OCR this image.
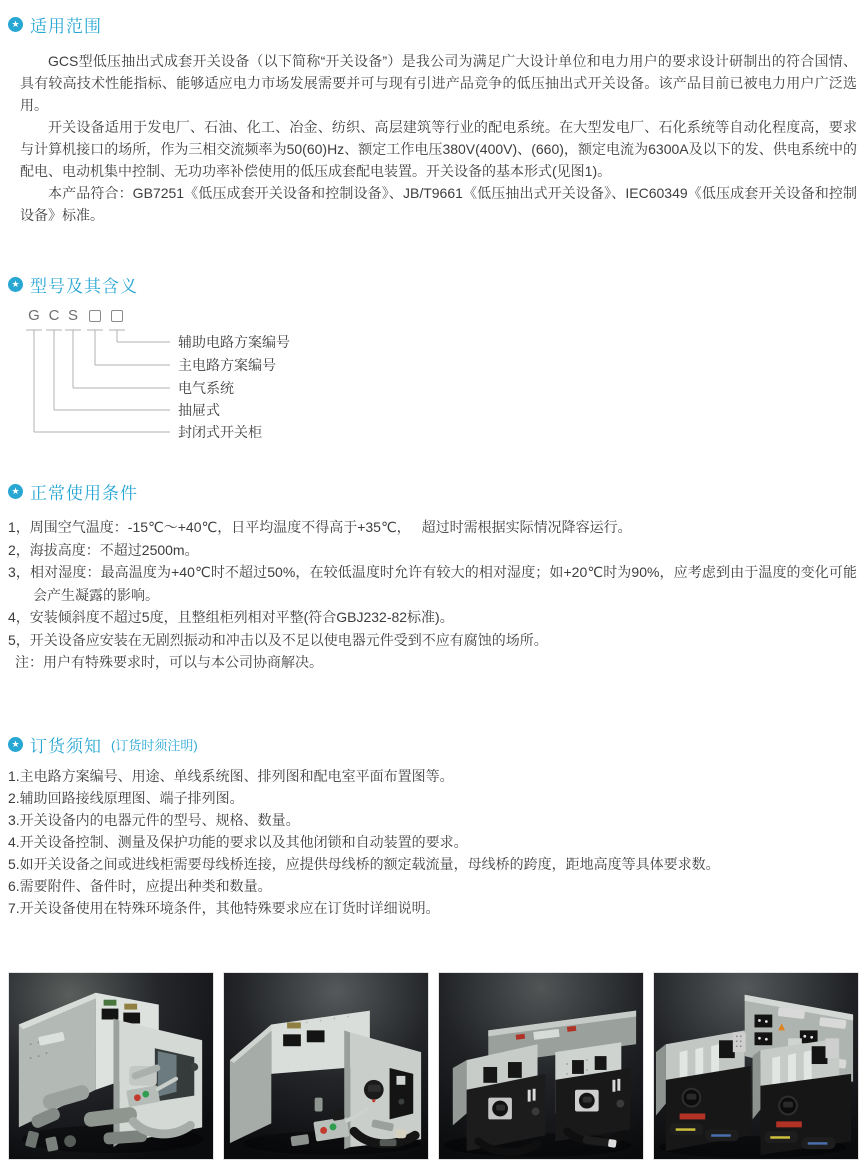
★ 适用范围

GCS型低压抽出式成套开关设备（以下简称“开关设备”）是我公司为满足广大设计单位和电力用户的要求设计研制出的符合国情、具有较高技术性能指标、能够适应电力市场发展需要并可与现有引进产品竞争的低压抽出式开关设备。该产品目前已被电力用户广泛选用。

开关设备适用于发电厂、石油、化工、冶金、纺织、高层建筑等行业的配电系统。在大型发电厂、石化系统等自动化程度高，要求与计算机接口的场所，作为三相交流频率为50(60)Hz、额定工作电压380V(400V)、(660)，额定电流为6300A及以下的发、供电系统中的配电、电动机集中控制、无功功率补偿使用的低压成套配电装置。开关设备的基本形式(见图1)。

本产品符合：GB7251《低压成套开关设备和控制设备》、JB/T9661《低压抽出式开关设备》、IEC60349《低压成套开关设备和控制设备》标准。

★ 型号及其含义
G C S
辅助电路方案编号
主电路方案编号
电气系统
抽屉式
封闭式开关柜
★ 正常使用条件
1，周围空气温度：-15℃～+40℃，日平均温度不得高于+35℃，　 超过时需根据实际情况降容运行。
2，海拔高度：不超过2500m。
3，相对湿度：最高温度为+40℃时不超过50%，在较低温度时允许有较大的相对湿度；如+20℃时为90%，应考虑到由于温度的变化可能会产生凝露的影响。
4，安装倾斜度不超过5度，且整组柜列相对平整(符合GBJ232-82标准)。
5，开关设备应安装在无剧烈振动和冲击以及不足以使电器元件受到不应有腐蚀的场所。
注：用户有特殊要求时，可以与本公司协商解决。
★ 订货须知 (订货时须注明)
1.主电路方案编号、用途、单线系统图、排列图和配电室平面布置图等。
2.辅助回路接线原理图、端子排列图。
3.开关设备内的电器元件的型号、规格、数量。
4.开关设备控制、测量及保护功能的要求以及其他闭锁和自动装置的要求。
5.如开关设备之间或进线柜需要母线桥连接，应提供母线桥的额定载流量，母线桥的跨度，距地高度等具体要求数。
6.需要附件、备件时，应提出种类和数量。
7.开关设备使用在特殊环境条件，其他特殊要求应在订货时详细说明。
